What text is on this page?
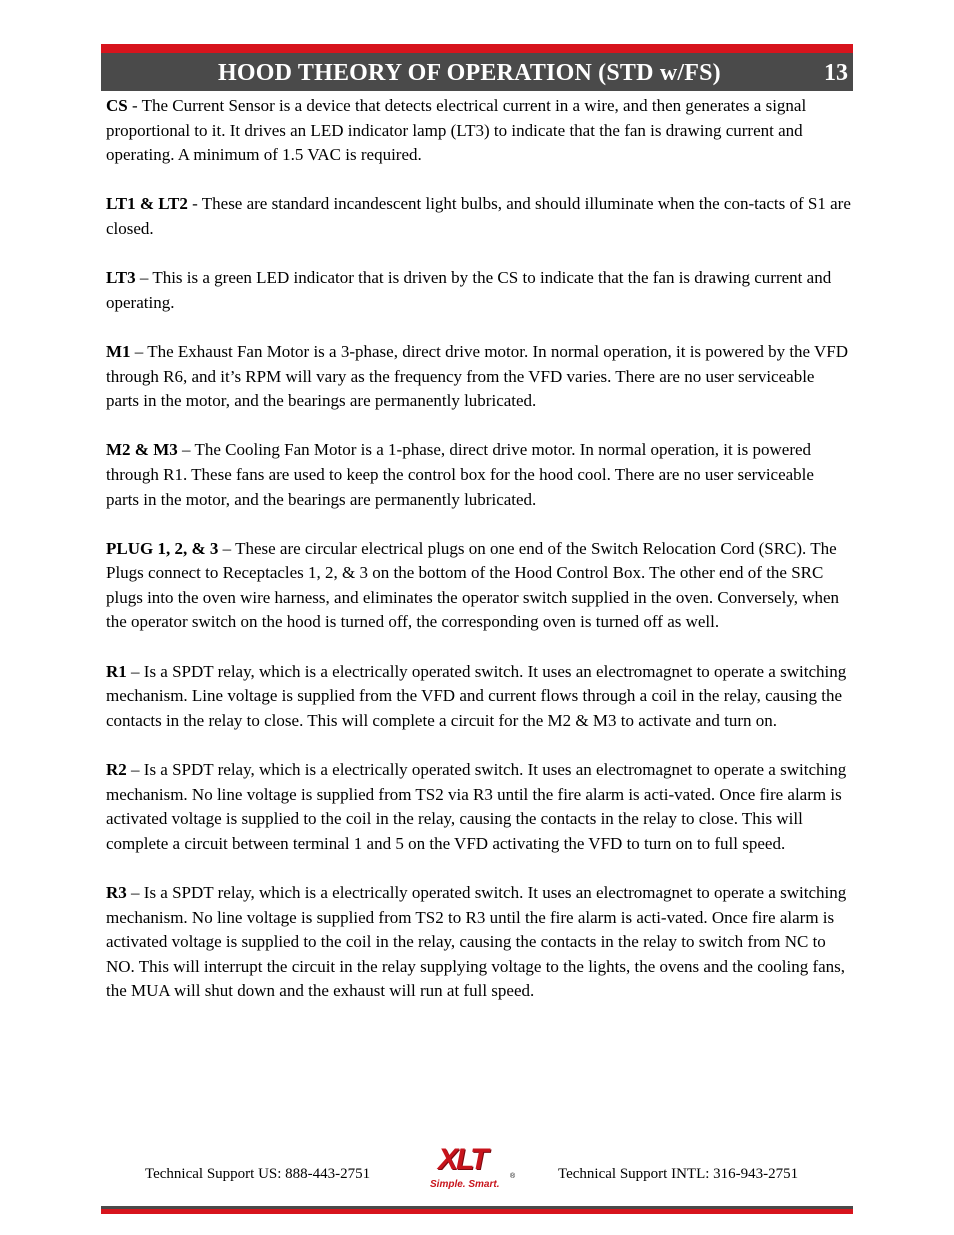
HOOD THEORY OF OPERATION (STD w/FS)	13

CS - The Current Sensor is a device that detects electrical current in a wire, and then generates a signal proportional to it. It drives an LED indicator lamp (LT3) to indicate that the fan is drawing current and operating. A minimum of 1.5 VAC is required.

LT1 & LT2 - These are standard incandescent light bulbs, and should illuminate when the con-tacts of S1 are closed.

LT3 – This is a green LED indicator that is driven by the CS to indicate that the fan is drawing current and operating.

M1 – The Exhaust Fan Motor is a 3-phase, direct drive motor. In normal operation, it is powered by the VFD through R6, and it’s RPM will vary as the frequency from the VFD varies. There are no user serviceable parts in the motor, and the bearings are permanently lubricated.

M2 & M3 – The Cooling Fan Motor is a 1-phase, direct drive motor. In normal operation, it is powered through R1. These fans are used to keep the control box for the hood cool. There are no user serviceable parts in the motor, and the bearings are permanently lubricated.

PLUG 1, 2, & 3 – These are circular electrical plugs on one end of the Switch Relocation Cord (SRC). The Plugs connect to Receptacles 1, 2, & 3 on the bottom of the Hood Control Box. The other end of the SRC plugs into the oven wire harness, and eliminates the operator switch supplied in the oven. Conversely, when the operator switch on the hood is turned off, the corresponding oven is turned off as well.

R1 – Is a SPDT relay, which is a electrically operated switch. It uses an electromagnet to operate a switching mechanism. Line voltage is supplied from the VFD and current flows through a coil in the relay, causing the contacts in the relay to close. This will complete a circuit for the M2 & M3 to activate and turn on.

R2 – Is a SPDT relay, which is a electrically operated switch. It uses an electromagnet to operate a switching mechanism. No line voltage is supplied from TS2 via R3 until the fire alarm is acti-vated. Once fire alarm is activated voltage is supplied to the coil in the relay, causing the contacts in the relay to close. This will complete a circuit between terminal 1 and 5 on the VFD activating the VFD to turn on to full speed.

R3 – Is a SPDT relay, which is a electrically operated switch. It uses an electromagnet to operate a switching mechanism. No line voltage is supplied from TS2 to R3 until the fire alarm is acti-vated. Once fire alarm is activated voltage is supplied to the coil in the relay, causing the contacts in the relay to switch from NC to NO. This will interrupt the circuit in the relay supplying voltage to the lights, the ovens and the cooling fans, the MUA will shut down and the exhaust will run at full speed.

Technical Support US: 888-443-2751 XLT
®
Simple. Smart.
Technical Support INTL: 316-943-2751
